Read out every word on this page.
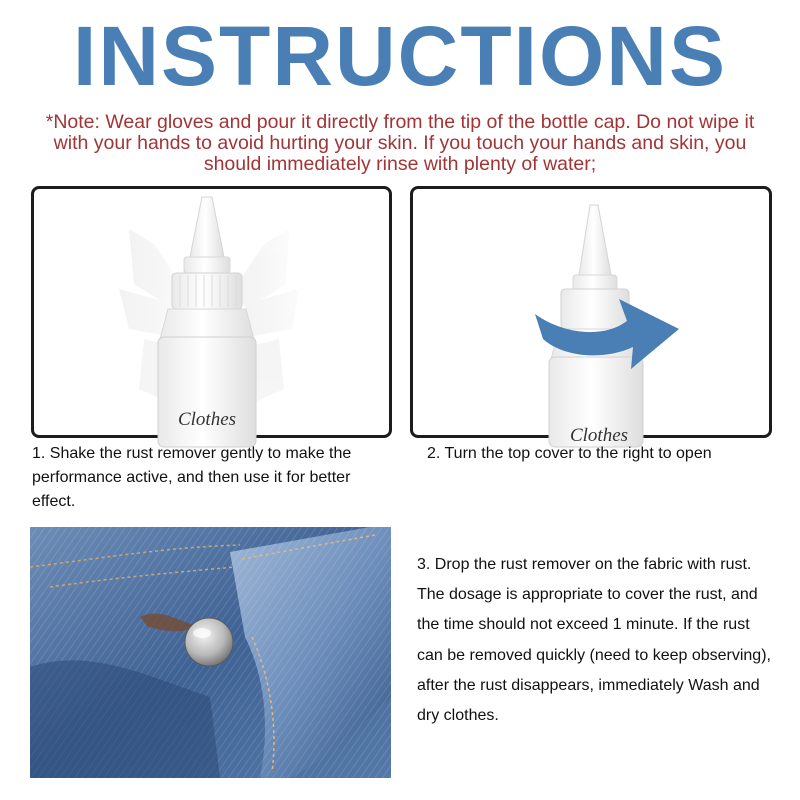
INSTRUCTIONS
*Note: Wear gloves and pour it directly from the tip of the bottle cap. Do not wipe it with your hands to avoid hurting your skin. If you touch your hands and skin, you should immediately rinse with plenty of water;
Clothes
Clothes
1. Shake the rust remover gently to make the performance active, and then use it for better effect.
2. Turn the top cover to the right to open
3. Drop the rust remover on the fabric with rust. The dosage is appropriate to cover the rust, and the time should not exceed 1 minute. If the rust can be removed quickly (need to keep observing), after the rust disappears, immediately Wash and dry clothes.
